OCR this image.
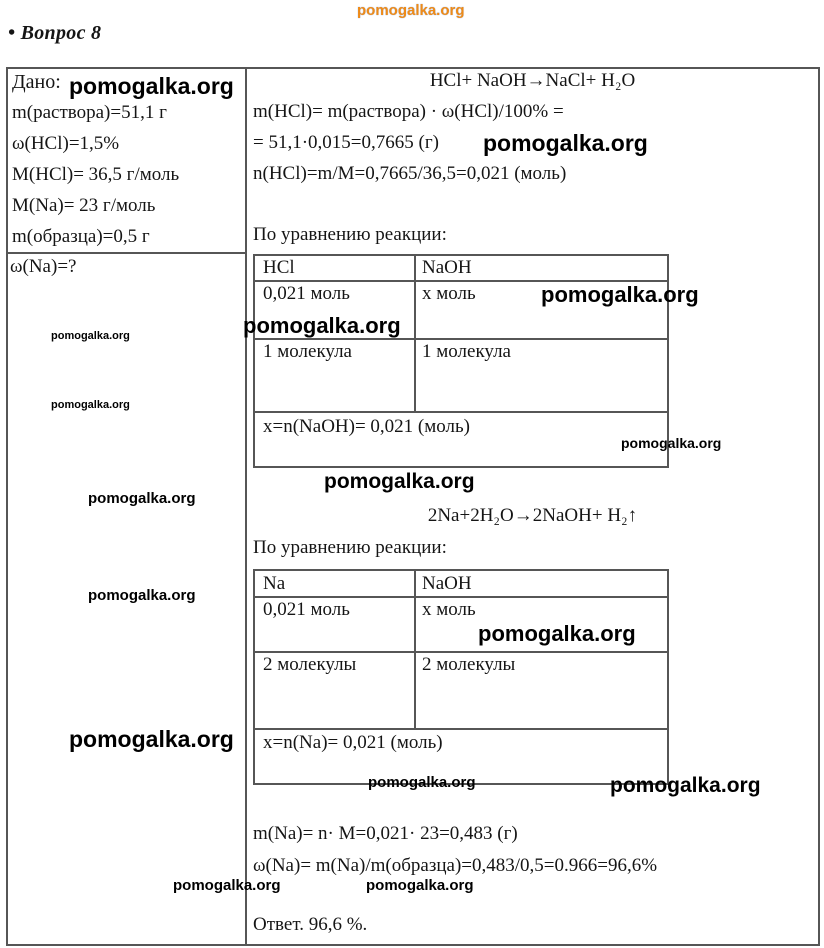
pomogalka.org
• Вопрос 8
Дано: pomogalka.org
m(раствора)=51,1 г
ω(HCl)=1,5%
M(HCl)= 36,5 г/моль
M(Na)= 23 г/моль
m(образца)=0,5 г
ω(Na)=?
pomogalka.org
pomogalka.org
pomogalka.org
pomogalka.org
pomogalka.org
HCl+ NaOH→NaCl+ H₂O
m(HCl)= m(раствора) · ω(HCl)/100% =
= 51,1·0,015=0,7665 (г) pomogalka.org
n(HCl)=m/M=0,7665/36,5=0,021 (моль)
По уравнению реакции:
HCl	NaOH
0,021 моль	x моль
1 молекула	1 молекула
x=n(NaOH)= 0,021 (моль)
pomogalka.org
pomogalka.org
pomogalka.org
pomogalka.org
2Na+2H₂O→2NaOH+ H₂↑
По уравнению реакции:
Na	NaOH
0,021 моль	x моль
2 молекулы	2 молекулы
x=n(Na)= 0,021 (моль)
pomogalka.org
pomogalka.org	pomogalka.org
m(Na)= n· M=0,021· 23=0,483 (г)
ω(Na)= m(Na)/m(образца)=0,483/0,5=0.966=96,6%
pomogalka.org	pomogalka.org
Ответ. 96,6 %.
